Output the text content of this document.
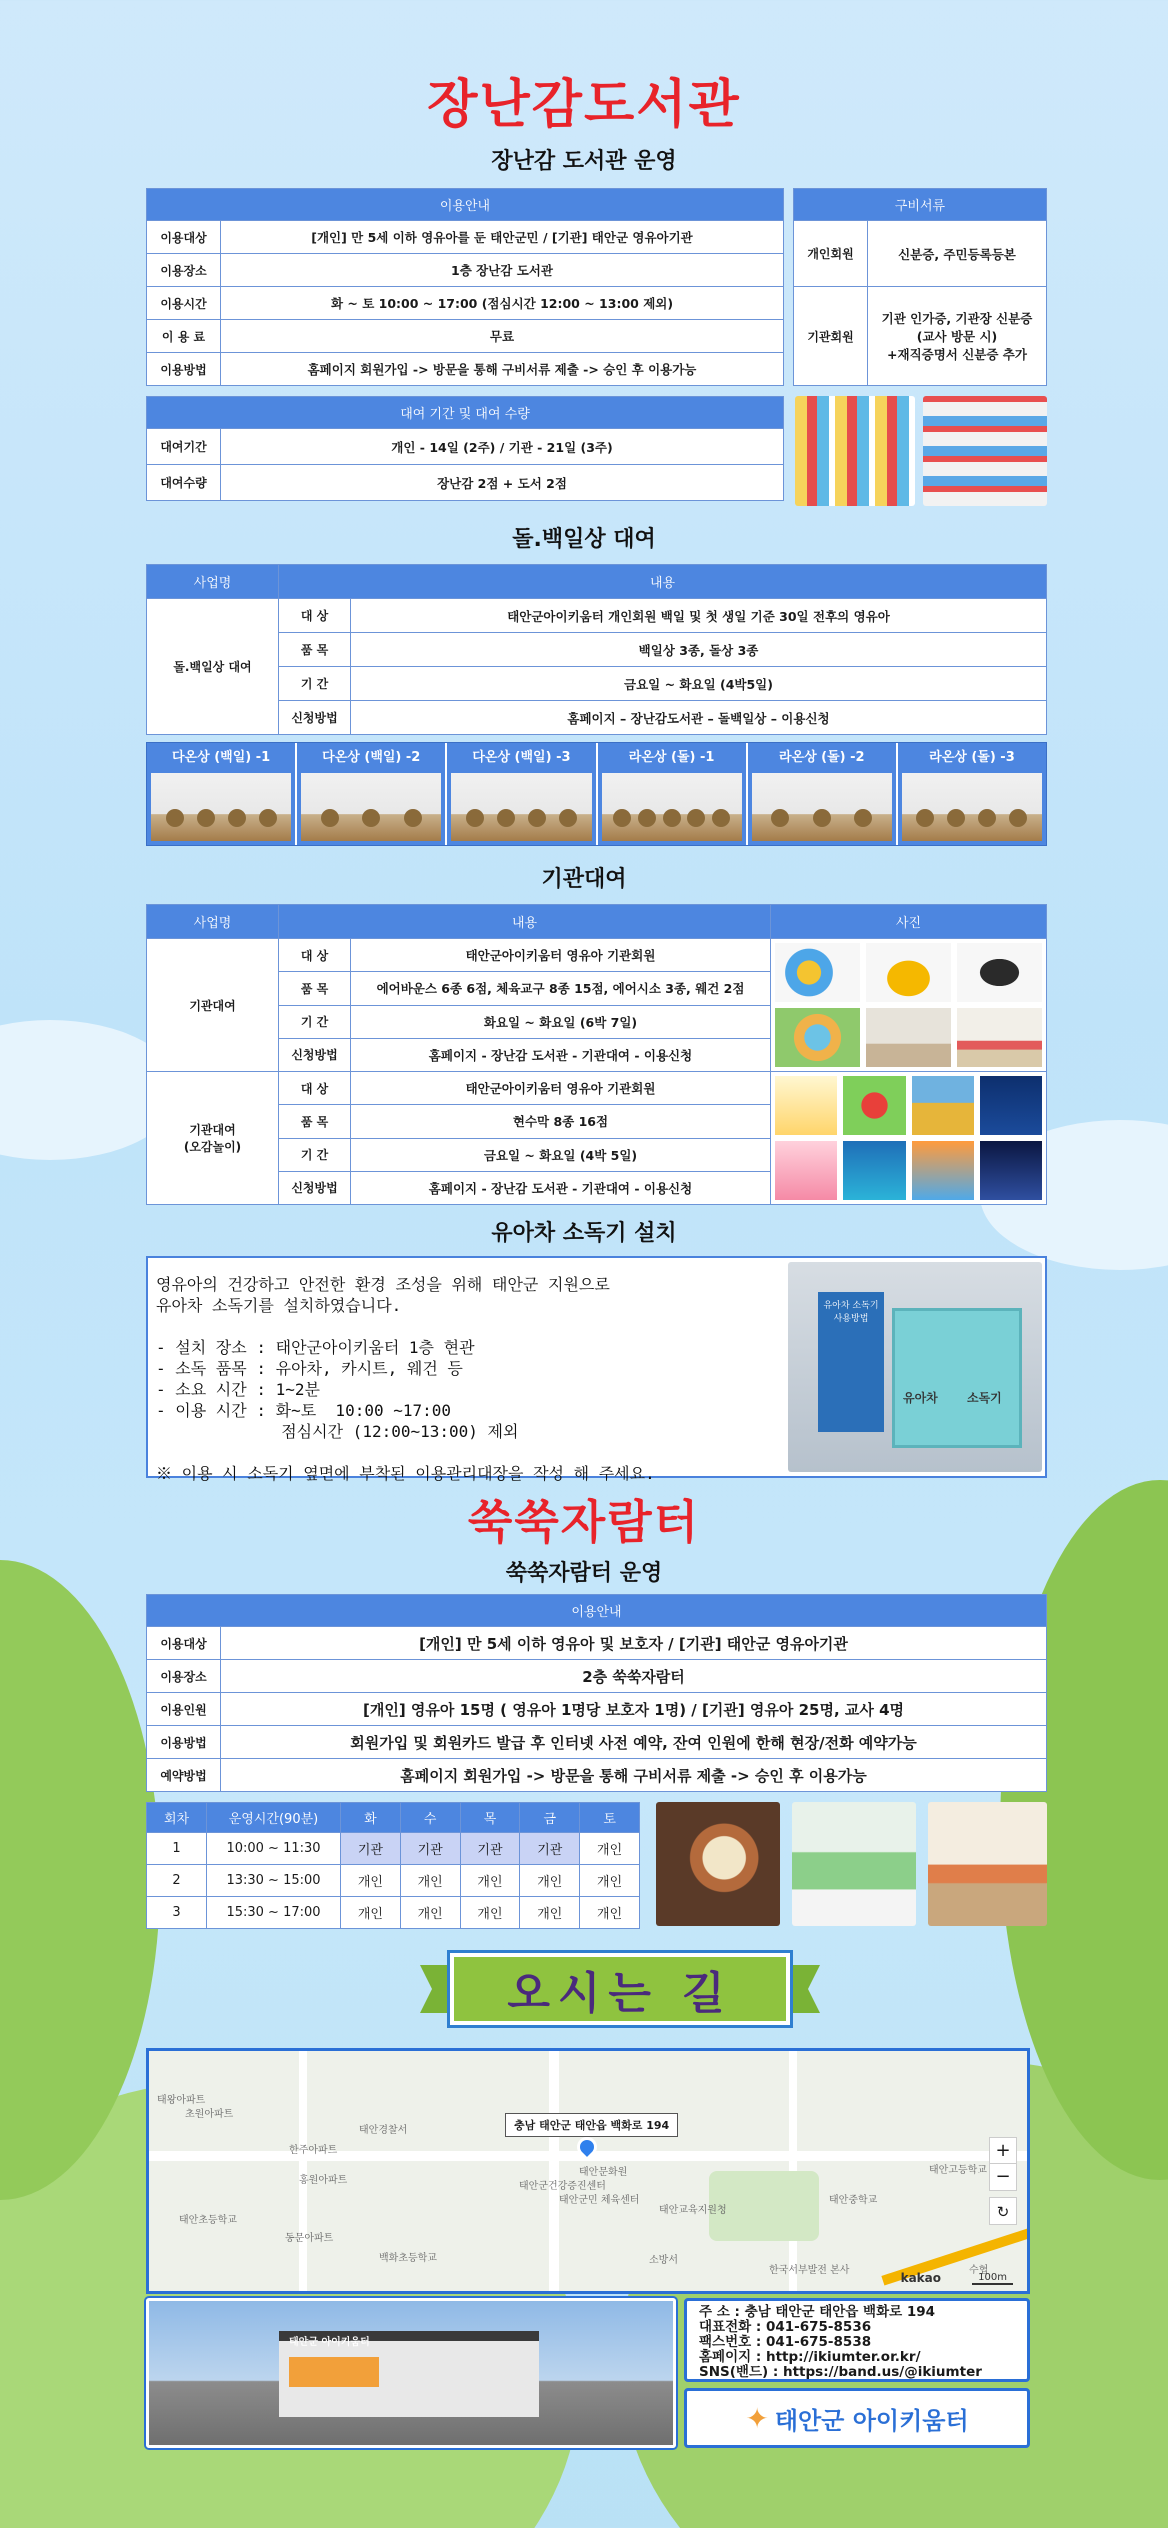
장난감도서관
장난감 도서관 운영
이용안내	
이용대상	[개인] 만 5세 이하 영유아를 둔 태안군민 / [기관] 태안군 영유아기관
이용장소	1층 장난감 도서관
이용시간	화 ~ 토 10:00 ~ 17:00 (점심시간 12:00 ~ 13:00 제외)
이 용 료	무료
이용방법	홈페이지 회원가입 -> 방문을 통해 구비서류 제출 -> 승인 후 이용가능
구비서류	
개인회원	신분증, 주민등록등본
기관회원	기관 인가증, 기관장 신분증
(교사 방문 시)
+재직증명서 신분증 추가
대여 기간 및 대여 수량	
대여기간	개인 - 14일 (2주) / 기관 - 21일 (3주)
대여수량	장난감 2점 + 도서 2점
돌.백일상 대여
사업명	내용	
돌.백일상 대여	대 상	태안군아이키움터 개인회원 백일 및 첫 생일 기준 30일 전후의 영유아
	품 목	백일상 3종, 돌상 3종
	기 간	금요일 ~ 화요일 (4박5일)
	신청방법	홈페이지 – 장난감도서관 – 돌백일상 – 이용신청
다온상 (백일) -1	다온상 (백일) -2	다온상 (백일) -3	라온상 (돌) -1	라온상 (돌) -2	라온상 (돌) -3
기관대여
사업명	내용		사진
기관대여	대 상	태안군아이키움터 영유아 기관회원	

	품 목	에어바운스 6종 6점, 체육교구 8종 15점, 에어시소 3종, 웨건 2점	
	기 간	화요일 ~ 화요일 (6박 7일)	
	신청방법	홈페이지 - 장난감 도서관 - 기관대여 - 이용신청	

기관대여
(오감놀이)	대 상	태안군아이키움터 영유아 기관회원	

	품 목	현수막 8종 16점	
	기 간	금요일 ~ 화요일 (4박 5일)	
	신청방법	홈페이지 - 장난감 도서관 - 기관대여 - 이용신청	
유아차 소독기 설치
영유아의 건강하고 안전한 환경 조성을 위해 태안군 지원으로
유아차 소독기를 설치하였습니다.

- 설치 장소 : 태안군아이키움터 1층 현관
- 소독 품목 : 유아차, 카시트, 웨건 등
- 소요 시간 : 1~2분
- 이용 시간 : 화~토  10:00 ~17:00
점심시간 (12:00~13:00) 제외

※ 이용 시 소독기 옆면에 부착된 이용관리대장을 작성 해 주세요.
유아차 소독기 사용방법
유아차 소독기
쑥쑥자람터
쑥쑥자람터 운영
이용안내	
이용대상	[개인] 만 5세 이하 영유아 및 보호자 / [기관] 태안군 영유아기관
이용장소	2층 쑥쑥자람터
이용인원	[개인] 영유아 15명 ( 영유아 1명당 보호자 1명) / [기관] 영유아 25명, 교사 4명
이용방법	회원가입 및 회원카드 발급 후 인터넷 사전 예약, 잔여 인원에 한해 현장/전화 예약가능
예약방법	홈페이지 회원가입 -> 방문을 통해 구비서류 제출 -> 승인 후 이용가능
회차	운영시간(90분)	화	수	목	금	토
1	10:00 ~ 11:30	기관	기관	기관	기관	개인
2	13:30 ~ 15:00	개인	개인	개인	개인	개인
3	15:30 ~ 17:00	개인	개인	개인	개인	개인
오시는 길
태왕아파트
초원아파트
한주아파트
태안경찰서
태안문화원
태안군건강증진센터
태안군민 체육센터
태안교육지원청
태안중학교
태안고등학교
태안초등학교
한국서부발전 본사	수협
홍원아파트
동문아파트
백화초등학교	소방서
충남 태안군 태안읍 백화로 194
+
−
↻
kakao	100m
태안군 아이키움터
주 소 : 충남 태안군 태안읍 백화로 194
대표전화 : 041-675-8536
팩스번호 : 041-675-8538
홈페이지 : http://ikiumter.or.kr/
SNS(밴드) : https://band.us/@ikiumter
✦ 태안군 아이키움터
